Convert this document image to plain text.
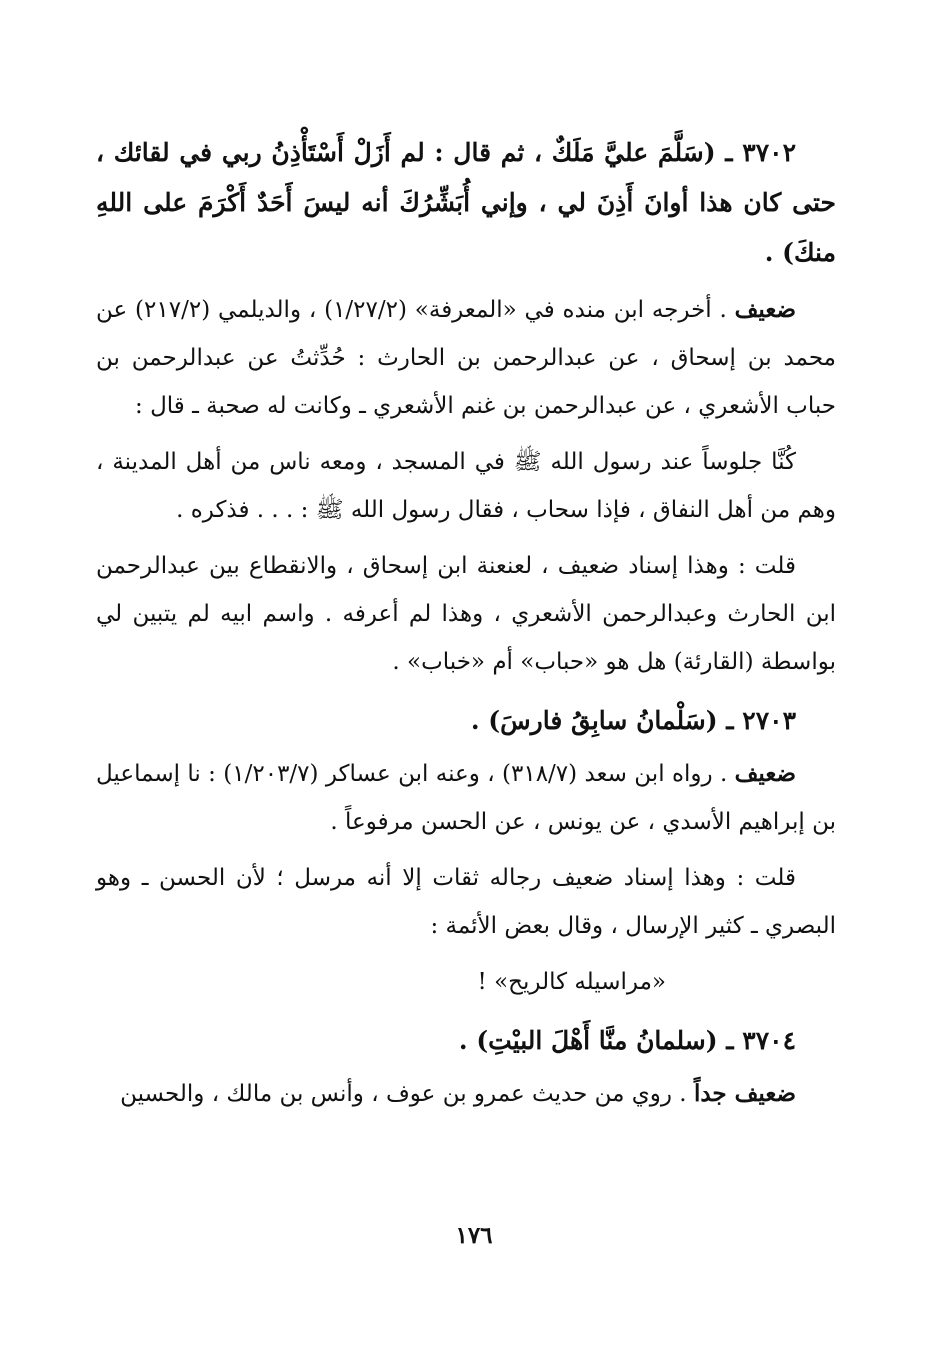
٣٧٠٢ ـ (سَلَّمَ عليَّ مَلَكٌ ، ثم قال : لم أَزَلْ أَسْتَأْذِنُ ربي في لقائك ، حتى كان هذا أوانَ أَذِنَ لي ، وإني أُبَشِّرُكَ أنه ليسَ أَحَدٌ أَكْرَمَ على اللهِ منكَ) .

ضعيف . أخرجه ابن منده في «المعرفة» (١/٢٧/٢) ، والديلمي (٢١٧/٢) عن محمد بن إسحاق ، عن عبدالرحمن بن الحارث : حُدِّثتُ عن عبدالرحمن بن حباب الأشعري ، عن عبدالرحمن بن غنم الأشعري ـ وكانت له صحبة ـ قال :

كُنَّا جلوساً عند رسول الله ﷺ في المسجد ، ومعه ناس من أهل المدينة ، وهم من أهل النفاق ، فإذا سحاب ، فقال رسول الله ﷺ : . . . فذكره .

قلت : وهذا إسناد ضعيف ، لعنعنة ابن إسحاق ، والانقطاع بين عبدالرحمن ابن الحارث وعبدالرحمن الأشعري ، وهذا لم أعرفه . واسم ابيه لم يتبين لي بواسطة (القارئة) هل هو «حباب» أم «خباب» .

٢٧٠٣ ـ (سَلْمانُ سابِقُ فارسَ) .

ضعيف . رواه ابن سعد (٣١٨/٧) ، وعنه ابن عساكر (١/٢٠٣/٧) : نا إسماعيل بن إبراهيم الأسدي ، عن يونس ، عن الحسن مرفوعاً .

قلت : وهذا إسناد ضعيف رجاله ثقات إلا أنه مرسل ؛ لأن الحسن ـ وهو البصري ـ كثير الإرسال ، وقال بعض الأئمة :

«مراسيله كالريح» !

٣٧٠٤ ـ (سلمانُ منَّا أَهْلَ البيْتِ) .

ضعيف جداً . روي من حديث عمرو بن عوف ، وأنس بن مالك ، والحسين

١٧٦
